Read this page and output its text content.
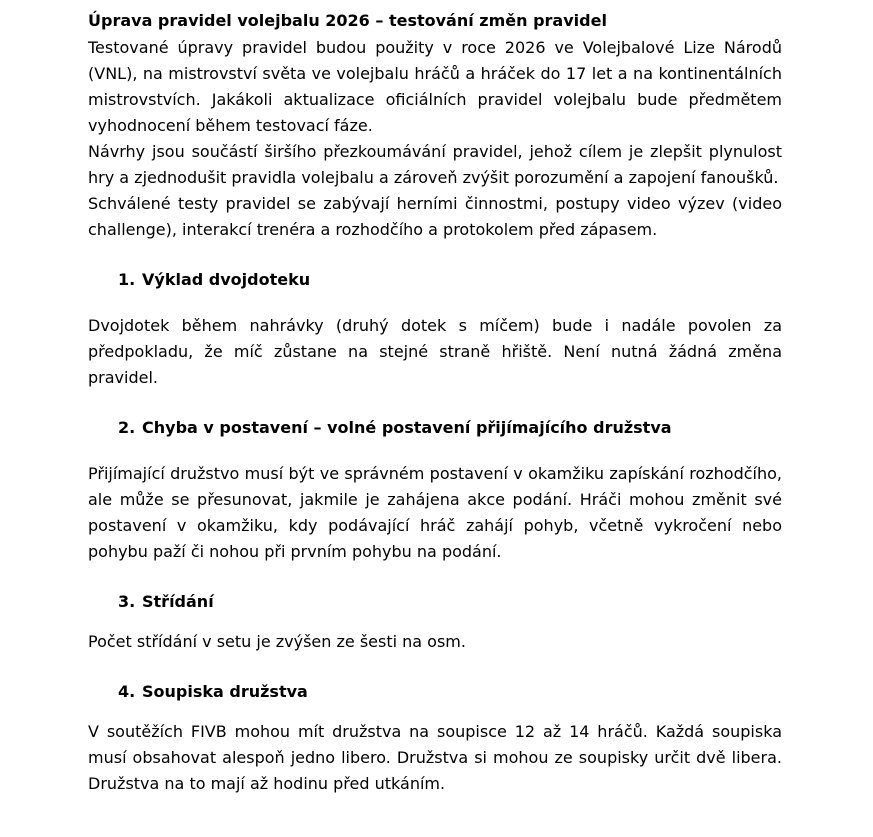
Úprava pravidel volejbalu 2026 – testování změn pravidel

Testované úpravy pravidel budou použity v roce 2026 ve Volejbalové Lize Národů (VNL), na mistrovství světa ve volejbalu hráčů a hráček do 17 let a na kontinentálních mistrovstvích. Jakákoli aktualizace oficiálních pravidel volejbalu bude předmětem vyhodnocení během testovací fáze.

Návrhy jsou součástí širšího přezkoumávání pravidel, jehož cílem je zlepšit plynulost hry a zjednodušit pravidla volejbalu a zároveň zvýšit porozumění a zapojení fanoušků.

Schválené testy pravidel se zabývají herními činnostmi, postupy video výzev (video challenge), interakcí trenéra a rozhodčího a protokolem před zápasem.

1. Výklad dvojdoteku

Dvojdotek během nahrávky (druhý dotek s míčem) bude i nadále povolen za předpokladu, že míč zůstane na stejné straně hřiště. Není nutná žádná změna pravidel.

2. Chyba v postavení – volné postavení přijímajícího družstva

Přijímající družstvo musí být ve správném postavení v okamžiku zapískání rozhodčího, ale může se přesunovat, jakmile je zahájena akce podání. Hráči mohou změnit své postavení v okamžiku, kdy podávající hráč zahájí pohyb, včetně vykročení nebo pohybu paží či nohou při prvním pohybu na podání.

3. Střídání

Počet střídání v setu je zvýšen ze šesti na osm.

4. Soupiska družstva

V soutěžích FIVB mohou mít družstva na soupisce 12 až 14 hráčů. Každá soupiska musí obsahovat alespoň jedno libero. Družstva si mohou ze soupisky určit dvě libera. Družstva na to mají až hodinu před utkáním.
